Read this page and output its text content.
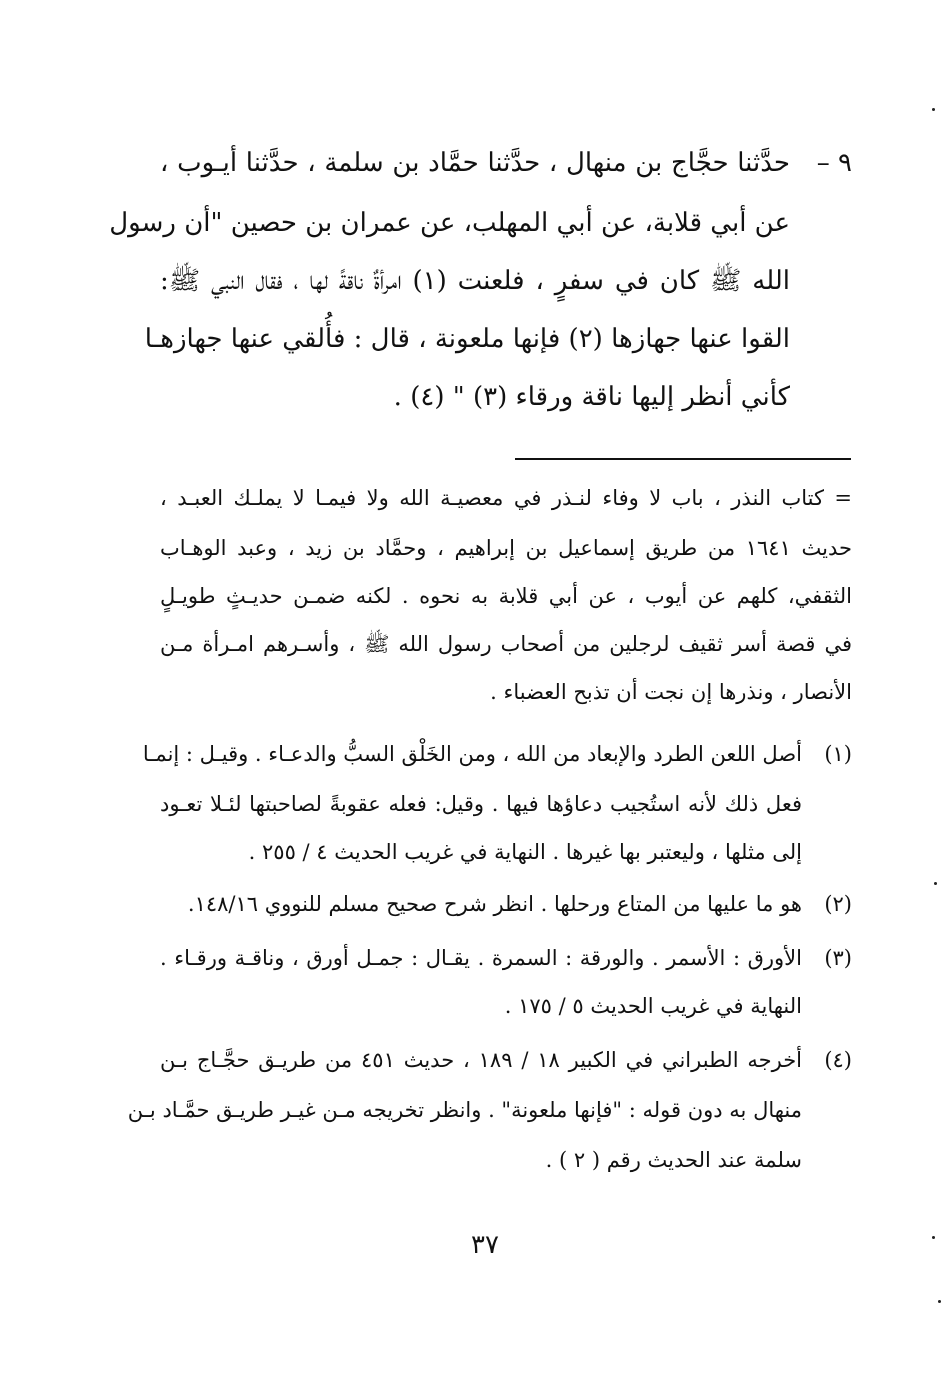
٩ –
حدَّثنا حجَّاج بن منهال ، حدَّثنا حمَّاد بن سلمة ، حدَّثنا أيـوب ،
عن أبي قلابة، عن أبي المهلب، عن عمران بن حصين "أن رسول
الله ﷺ كان في سفرٍ ، فلعنت (١) امرأةٌ ناقةً لها ، فقال النبي ﷺ:
القوا عنها جهازها (٢) فإنها ملعونة ، قال : فأُلقي عنها جهازهـا
كأني أنظر إليها ناقة ورقاء (٣) " (٤) .
= كتاب النذر ، باب لا وفاء لنـذر في معصيـة الله ولا فيمـا لا يملـك العبـد ،
حديث ١٦٤١ من طريق إسماعيل بن إبراهيم ، وحمَّاد بن زيد ، وعبد الوهـاب
الثقفي، كلهم عن أيوب ، عن أبي قلابة به نحوه . لكنه ضمـن حديـثٍ طويـلٍ
في قصة أسر ثقيف لرجلين من أصحاب رسول الله ﷺ ، وأسـرهم امـرأة مـن
الأنصار ، ونذرها إن نجت أن تذبح العضباء .
(١)
أصل اللعن الطرد والإبعاد من الله ، ومن الخَلْق السبُّ والدعـاء . وقيـل : إنمـا
فعل ذلك لأنه استُجيب دعاؤها فيها . وقيل: فعله عقوبةً لصاحبتها لئـلا تعـود
إلى مثلها ، وليعتبر بها غيرها . النهاية في غريب الحديث ٤ / ٢٥٥ .
(٢)
هو ما عليها من المتاع ورحلها . انظر شرح صحيح مسلم للنووي ١٤٨/١٦.
(٣)
الأورق : الأسمر . والورقة : السمرة . يقـال : جمـل أورق ، وناقـة ورقـاء .
النهاية في غريب الحديث ٥ / ١٧٥ .
(٤)
أخرجه الطبراني في الكبير ١٨ / ١٨٩ ، حديث ٤٥١ من طريـق حجَّـاج بـن
منهال به دون قوله : "فإنها ملعونة" . وانظر تخريجه مـن غيـر طريـق حمَّـاد بـن
سلمة عند الحديث رقم ( ٢ ) .
٣٧
